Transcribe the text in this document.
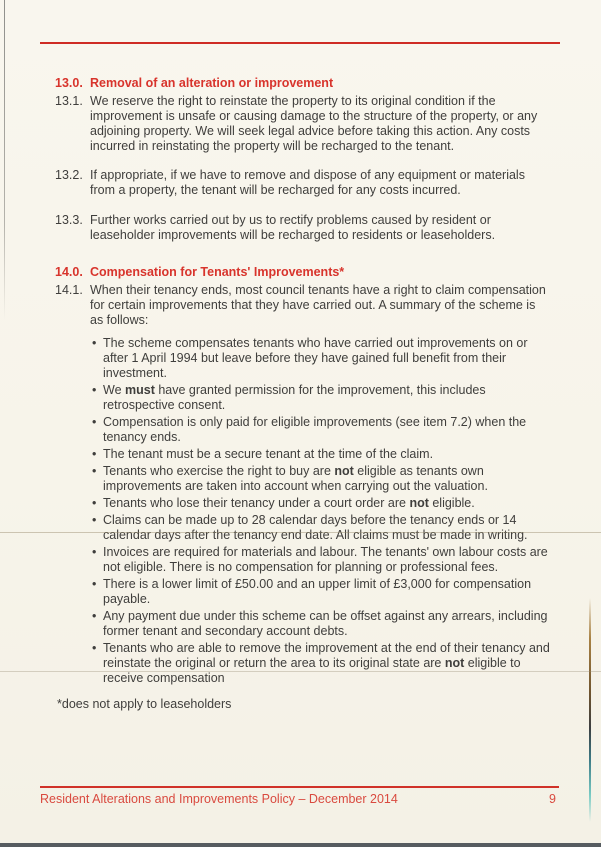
13.0. Removal of an alteration or improvement
13.1. We reserve the right to reinstate the property to its original condition if the improvement is unsafe or causing damage to the structure of the property, or any adjoining property. We will seek legal advice before taking this action. Any costs incurred in reinstating the property will be recharged to the tenant.
13.2. If appropriate, if we have to remove and dispose of any equipment or materials from a property, the tenant will be recharged for any costs incurred.
13.3. Further works carried out by us to rectify problems caused by resident or leaseholder improvements will be recharged to residents or leaseholders.
14.0. Compensation for Tenants' Improvements*
14.1. When their tenancy ends, most council tenants have a right to claim compensation for certain improvements that they have carried out. A summary of the scheme is as follows:
• The scheme compensates tenants who have carried out improvements on or after 1 April 1994 but leave before they have gained full benefit from their investment.
• We must have granted permission for the improvement, this includes   retrospective consent.
• Compensation is only paid for eligible improvements (see item 7.2) when the tenancy ends.
• The tenant must be a secure tenant at the time of the claim.
• Tenants who exercise the right to buy are not eligible as tenants own improvements are taken into account when carrying out the valuation.
• Tenants who lose their tenancy under a court order are not eligible.
• Claims can be made up to 28 calendar days before the tenancy ends or 14 calendar days after the tenancy end date. All claims must be made in writing.
• Invoices are required for materials and labour. The tenants' own labour costs are not eligible. There is no compensation for planning or professional fees.
• There is a lower limit of £50.00 and an upper limit of £3,000 for compensation payable.
• Any payment due under this scheme can be offset against any arrears, including former tenant and secondary account debts.
• Tenants who are able to remove the improvement at the end of their tenancy and reinstate the original or return the area to its original state are not eligible to receive compensation
*does not apply to leaseholders
Resident Alterations and Improvements Policy – December 2014	9
